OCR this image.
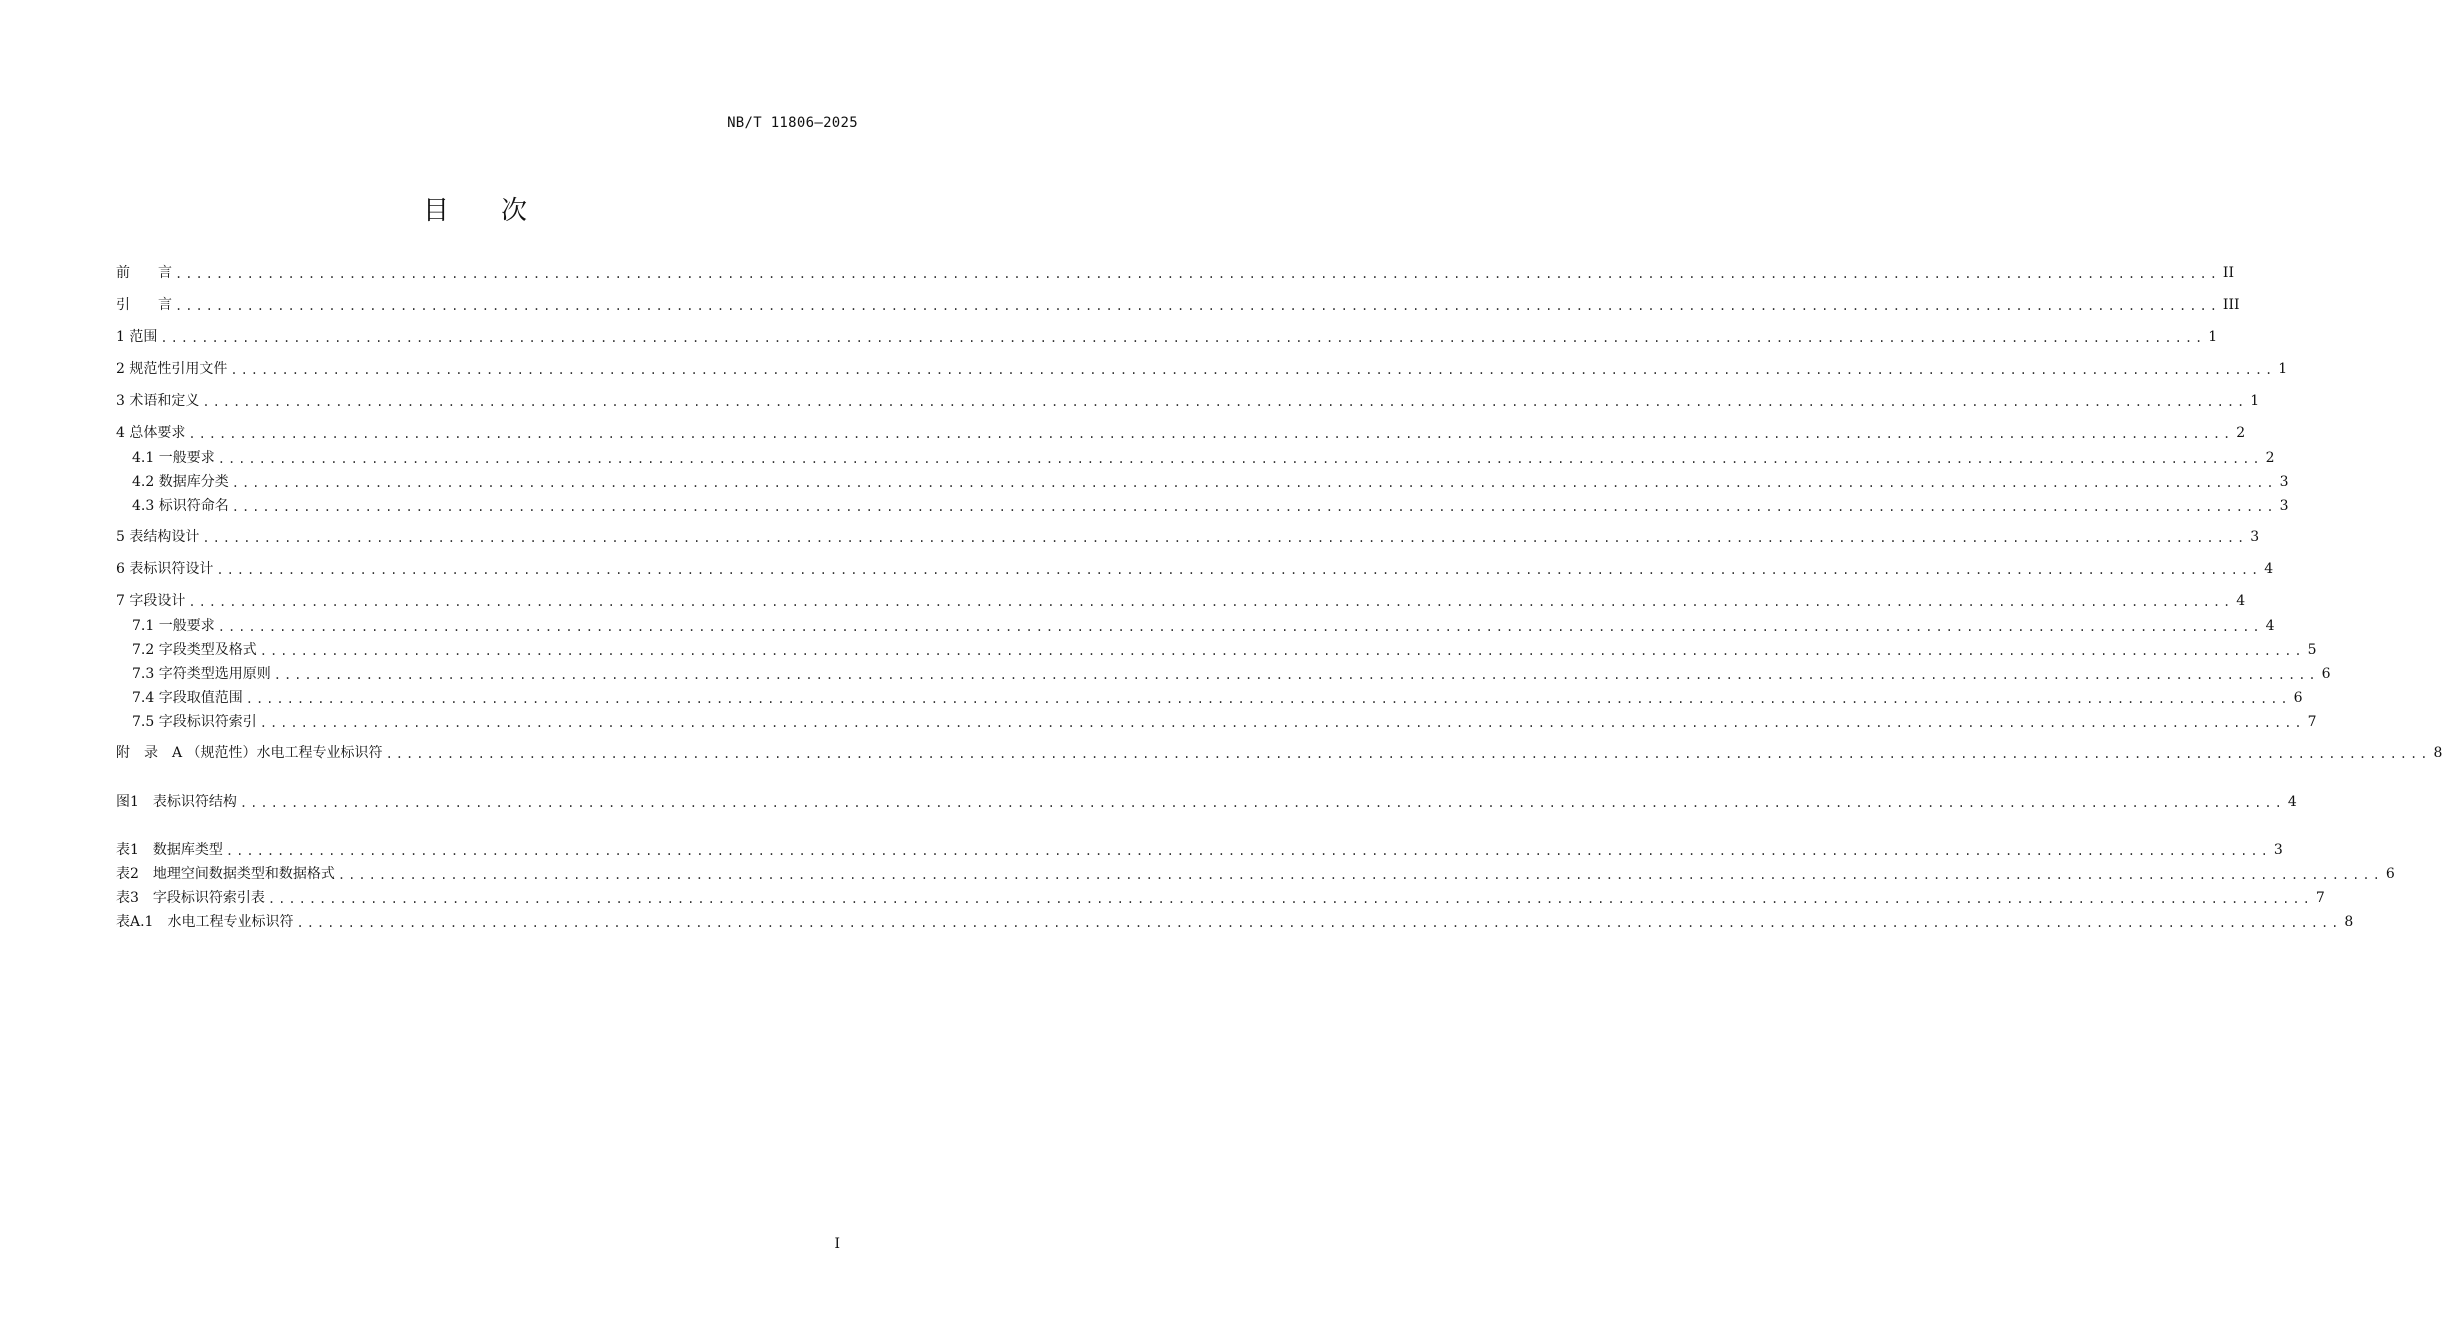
NB/T 11806—2025
目 次
前　　言 ........................................................................................................................................................................................................ II
引　　言 ........................................................................................................................................................................................................ III
1 范围 ........................................................................................................................................................................................................ 1
2 规范性引用文件 ........................................................................................................................................................................................................ 1
3 术语和定义 ........................................................................................................................................................................................................ 1
4 总体要求 ........................................................................................................................................................................................................ 2
4.1 一般要求 ........................................................................................................................................................................................................ 2
4.2 数据库分类 ........................................................................................................................................................................................................ 3
4.3 标识符命名 ........................................................................................................................................................................................................ 3
5 表结构设计 ........................................................................................................................................................................................................ 3
6 表标识符设计 ........................................................................................................................................................................................................ 4
7 字段设计 ........................................................................................................................................................................................................ 4
7.1 一般要求 ........................................................................................................................................................................................................ 4
7.2 字段类型及格式 ........................................................................................................................................................................................................ 5
7.3 字符类型选用原则 ........................................................................................................................................................................................................ 6
7.4 字段取值范围 ........................................................................................................................................................................................................ 6
7.5 字段标识符索引 ........................................................................................................................................................................................................ 7
附　录　A （规范性）水电工程专业标识符 ........................................................................................................................................................................................................ 8
图1　表标识符结构 ........................................................................................................................................................................................................ 4
表1　数据库类型 ........................................................................................................................................................................................................ 3
表2　地理空间数据类型和数据格式 ........................................................................................................................................................................................................ 6
表3　字段标识符索引表 ........................................................................................................................................................................................................ 7
表A.1　水电工程专业标识符 ........................................................................................................................................................................................................ 8
I
